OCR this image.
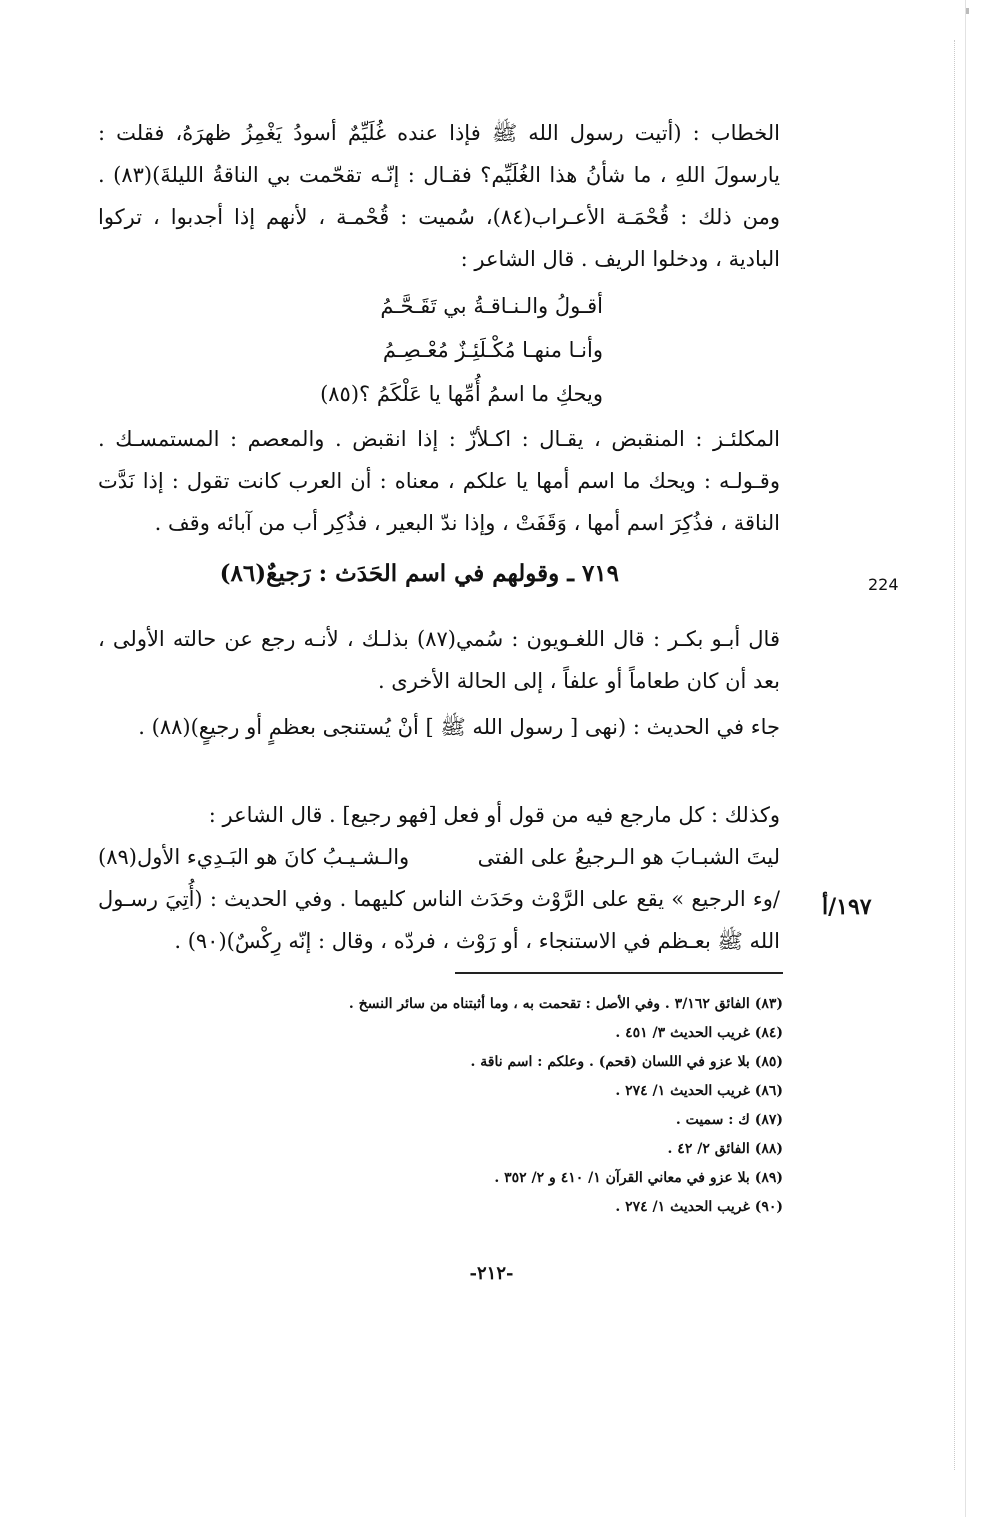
الخطاب : (أتيت رسول الله ﷺ فإذا عنده غُلَيِّمٌ أسودُ يَغْمِزُ ظهرَهُ، فقلت : يارسولَ اللهِ ، ما شأنُ هذا الغُلَيِّم؟ فقـال : إنّـه تقحّمت بي الناقةُ الليلةَ)(٨٣) . ومن ذلك : قُحْمَـة الأعـراب(٨٤)، سُميت : قُحْمـة ، لأنهم إذا أجدبوا ، تركوا البادية ، ودخلوا الريف . قال الشاعر :

أقـولُ والـنـاقـةُ بي تَقَـحَّـمُ
وأنـا منهـا مُكْـلَئِـزٌ مُعْـصِـمُ
ويحكِ ما اسمُ أُمِّها يا عَلْكَمُ ؟(٨٥)

المكلئـز : المنقبض ، يقـال : اكـلأزّ : إذا انقبض . والمعصم : المستمسـك . وقـولـه : ويحك ما اسم أمها يا علكم ، معناه : أن العرب كانت تقول : إذا نَدَّت الناقة ، فذُكِرَ اسم أمها ، وَقَفَتْ ، وإذا ندّ البعير ، فذُكِر أب من آبائه وقف .

٧١٩ ـ وقولهم في اسم الحَدَث : رَجيعٌ(٨٦)	224

قال أبـو بكـر : قال اللغـويون : سُمي(٨٧) بذلـك ، لأنـه رجع عن حالته الأولى ، بعد أن كان طعاماً أو علفاً ، إلى الحالة الأخرى .

جاء في الحديث : (نهى [ رسول الله ﷺ ] أنْ يُستنجى بعظمٍ أو رجيعٍ)(٨٨) .

وكذلك : كل مارجع فيه من قول أو فعل [فهو رجيع] . قال الشاعر :

ليتَ الشبـابَ هو الـرجيعُ على الفتى
والـشـيـبُ كانَ هو البَـدِيء الأول(٨٩)

/وء الرجيع » يقع على الرَّوْث وحَدَث الناس كليهما . وفي الحديث : (أُتِيَ رسـول الله ﷺ بعـظم في الاستنجاء ، أو رَوْث ، فردّه ، وقال : إنّه رِكْسٌ)(٩٠) .

١٩٧/أ
(٨٣) الفائق ٣/١٦٢ . وفي الأصل : تقحمت به ، وما أثبتناه من سائر النسخ .
(٨٤) غريب الحديث ٣/ ٤٥١ .
(٨٥) بلا عزو في اللسان (قحم) . وعلكم : اسم ناقة .
(٨٦) غريب الحديث ١/ ٢٧٤ .
(٨٧) ك : سميت .
(٨٨) الفائق ٢/ ٤٢ .
(٨٩) بلا عزو في معاني القرآن ١/ ٤١٠ و ٢/ ٣٥٢ .
(٩٠) غريب الحديث ١/ ٢٧٤ .
-٢١٢-
